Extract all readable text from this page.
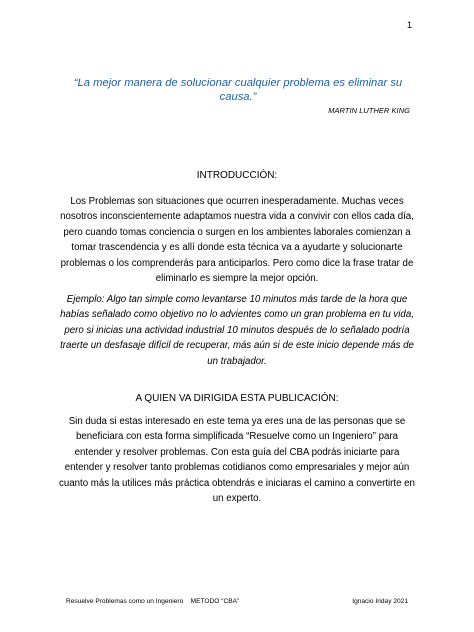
1
“La mejor manera de solucionar cualquier problema es eliminar su causa.”
MARTIN LUTHER KING
INTRODUCCIÓN:
Los Problemas son situaciones que ocurren inesperadamente. Muchas veces nosotros inconscientemente adaptamos nuestra vida a convivir con ellos cada día, pero cuando tomas conciencia o surgen en los ambientes laborales comienzan a tomar trascendencia y es allí donde esta técnica va a ayudarte y solucionarte problemas o los comprenderás para anticiparlos. Pero como dice la frase tratar de eliminarlo es siempre la mejor opción.
Ejemplo: Algo tan simple como levantarse 10 minutos más tarde de la hora que habías señalado como objetivo no lo advientes como un gran problema en tu vida, pero si inicias una actividad industrial 10 minutos después de lo señalado podría traerte un desfasaje difícil de recuperar, más aún si de este inicio depende más de un trabajador.
A QUIEN VA DIRIGIDA ESTA PUBLICACIÓN:
Sin duda si estas interesado en este tema ya eres una de las personas que se beneficiara con esta forma simplificada “Resuelve como un Ingeniero” para entender y resolver problemas. Con esta guía del CBA podrás iniciarte para entender y resolver tanto problemas cotidianos como empresariales y mejor aún cuanto más la utilices más práctica obtendrás e iniciaras el camino a convertirte en un experto.
Resuelve Problemas como un Ingeniero    METODO “CBA”	Ignacio Iriday 2021
